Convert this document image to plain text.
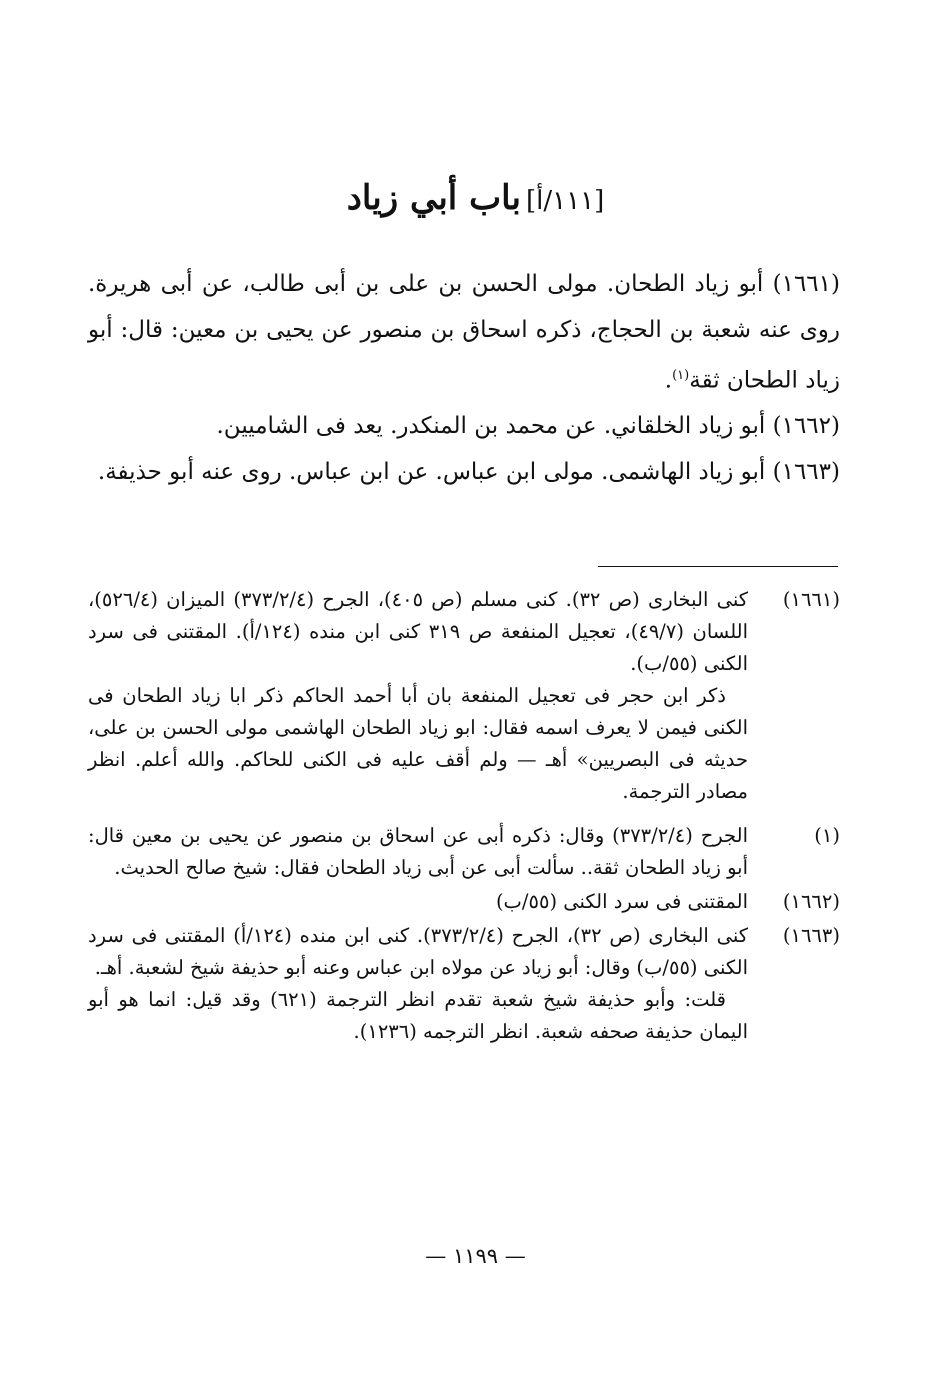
[١١١/أ] باب أبي زياد

(١٦٦١) أبو زياد الطحان. مولى الحسن بن على بن أبى طالب، عن أبى هريرة. روى عنه شعبة بن الحجاج، ذكره اسحاق بن منصور عن يحيى بن معين: قال: أبو زياد الطحان ثقة$^{(١)}$.

(١٦٦٢) أبو زياد الخلقاني. عن محمد بن المنكدر. يعد فى الشاميين.

(١٦٦٣) أبو زياد الهاشمى. مولى ابن عباس. عن ابن عباس. روى عنه أبو حذيفة.

(١٦٦١)

كنى البخارى (ص ٣٢). كنى مسلم (ص ٤٠٥)، الجرح (٣٧٣/٢/٤) الميزان (٥٢٦/٤)، اللسان (٤٩/٧)، تعجيل المنفعة ص ٣١٩ كنى ابن منده (١٢٤/أ). المقتنى فى سرد الكنى (٥٥/ب).

ذكر ابن حجر فى تعجيل المنفعة بان أبا أحمد الحاكم ذكر ابا زياد الطحان فى الكنى فيمن لا يعرف اسمه فقال: ابو زياد الطحان الهاشمى مولى الحسن بن على، حديثه فى البصريين» أهـ — ولم أقف عليه فى الكنى للحاكم. والله أعلم. انظر مصادر الترجمة.

(١)

الجرح (٣٧٣/٢/٤) وقال: ذكره أبى عن اسحاق بن منصور عن يحيى بن معين قال: أبو زياد الطحان ثقة.. سألت أبى عن أبى زياد الطحان فقال: شيخ صالح الحديث.

(١٦٦٢)

المقتنى فى سرد الكنى (٥٥/ب)

(١٦٦٣)

كنى البخارى (ص ٣٢)، الجرح (٣٧٣/٢/٤). كنى ابن منده (١٢٤/أ) المقتنى فى سرد الكنى (٥٥/ب) وقال: أبو زياد عن مولاه ابن عباس وعنه أبو حذيفة شيخ لشعبة. أهـ.

قلت: وأبو حذيفة شيخ شعبة تقدم انظر الترجمة (٦٢١) وقد قيل: انما هو أبو اليمان حذيفة صحفه شعبة. انظر الترجمه (١٢٣٦).

— ١١٩٩ —
